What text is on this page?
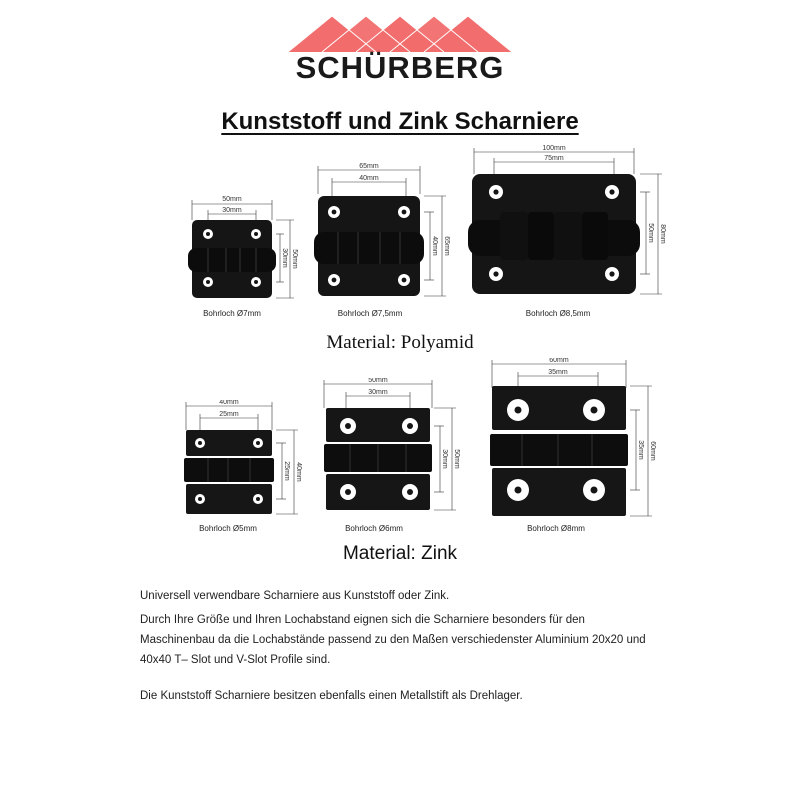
SCHÜRBERG
Kunststoff und Zink Scharniere
50mm
30mm
30mm 50mm
Bohrloch Ø7mm
65mm
40mm
40mm 65mm
Bohrloch Ø7,5mm
100mm
75mm
50mm 80mm
Bohrloch Ø8,5mm
Material: Polyamid
40mm
25mm
25mm 40mm
Bohrloch Ø5mm
50mm
30mm
30mm 50mm
Bohrloch Ø6mm
60mm
35mm
35mm 60mm
Bohrloch Ø8mm
Material: Zink
Universell verwendbare Scharniere aus Kunststoff oder Zink.
Durch Ihre Größe und Ihren Lochabstand eignen sich die Scharniere besonders für den Maschinenbau da die Lochabstände passend zu den Maßen verschiedenster Aluminium 20x20 und 40x40 T– Slot und V-Slot Profile sind.
Die Kunststoff Scharniere besitzen ebenfalls einen Metallstift als Drehlager.
